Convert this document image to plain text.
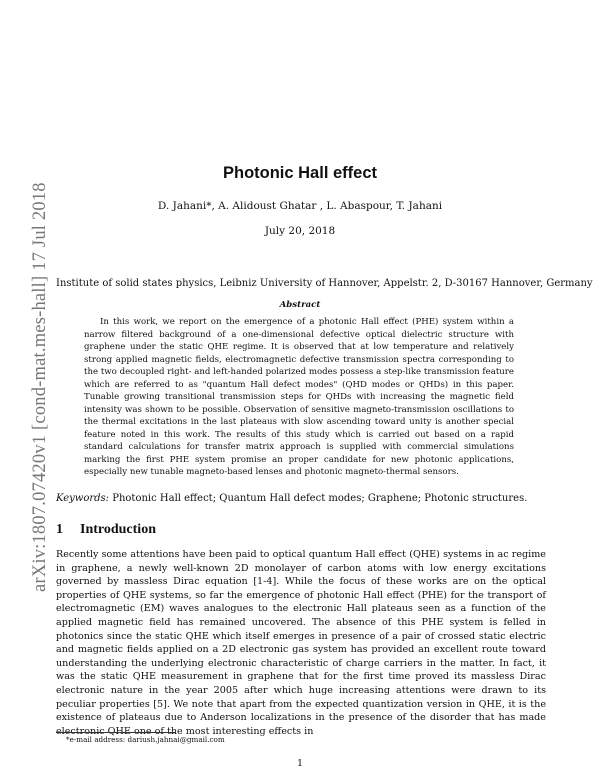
arXiv:1807.07420v1 [cond-mat.mes-hall] 17 Jul 2018
Photonic Hall effect
D. Jahani*, A. Alidoust Ghatar , L. Abaspour, T. Jahani
July 20, 2018
Institute of solid states physics, Leibniz University of Hannover, Appelstr. 2, D-30167 Hannover, Germany
Abstract

In this work, we report on the emergence of a photonic Hall effect (PHE) system within a narrow filtered background of a one-dimensional defective optical dielectric structure with graphene under the static QHE regime. It is observed that at low temperature and relatively strong applied magnetic fields, electromagnetic defective transmission spectra corresponding to the two decoupled right- and left-handed polarized modes possess a step-like transmission feature which are referred to as "quantum Hall defect modes" (QHD modes or QHDs) in this paper. Tunable growing transitional transmission steps for QHDs with increasing the magnetic field intensity was shown to be possible. Observation of sensitive magneto-transmission oscillations to the thermal excitations in the last plateaus with slow ascending toward unity is another special feature noted in this work. The results of this study which is carried out based on a rapid standard calculations for transfer matrix approach is supplied with commercial simulations marking the first PHE system promise an proper candidate for new photonic applications, especially new tunable magneto-based lenses and photonic magneto-thermal sensors.

Keywords: Photonic Hall effect; Quantum Hall defect modes; Graphene; Photonic structures.
1 Introduction

Recently some attentions have been paid to optical quantum Hall effect (QHE) systems in ac regime in graphene, a newly well-known 2D monolayer of carbon atoms with low energy excitations governed by massless Dirac equation [1-4]. While the focus of these works are on the optical properties of QHE systems, so far the emergence of photonic Hall effect (PHE) for the transport of electromagnetic (EM) waves analogues to the electronic Hall plateaus seen as a function of the applied magnetic field has remained uncovered. The absence of this PHE system is felled in photonics since the static QHE which itself emerges in presence of a pair of crossed static electric and magnetic fields applied on a 2D electronic gas system has provided an excellent route toward understanding the underlying electronic characteristic of charge carriers in the matter. In fact, it was the static QHE measurement in graphene that for the first time proved its massless Dirac electronic nature in the year 2005 after which huge increasing attentions were drawn to its peculiar properties [5]. We note that apart from the expected quantization version in QHE, it is the existence of plateaus due to Anderson localizations in the presence of the disorder that has made electronic QHE one of the most interesting effects in

*e-mail address: dariush.jahnai@gmail.com
1
